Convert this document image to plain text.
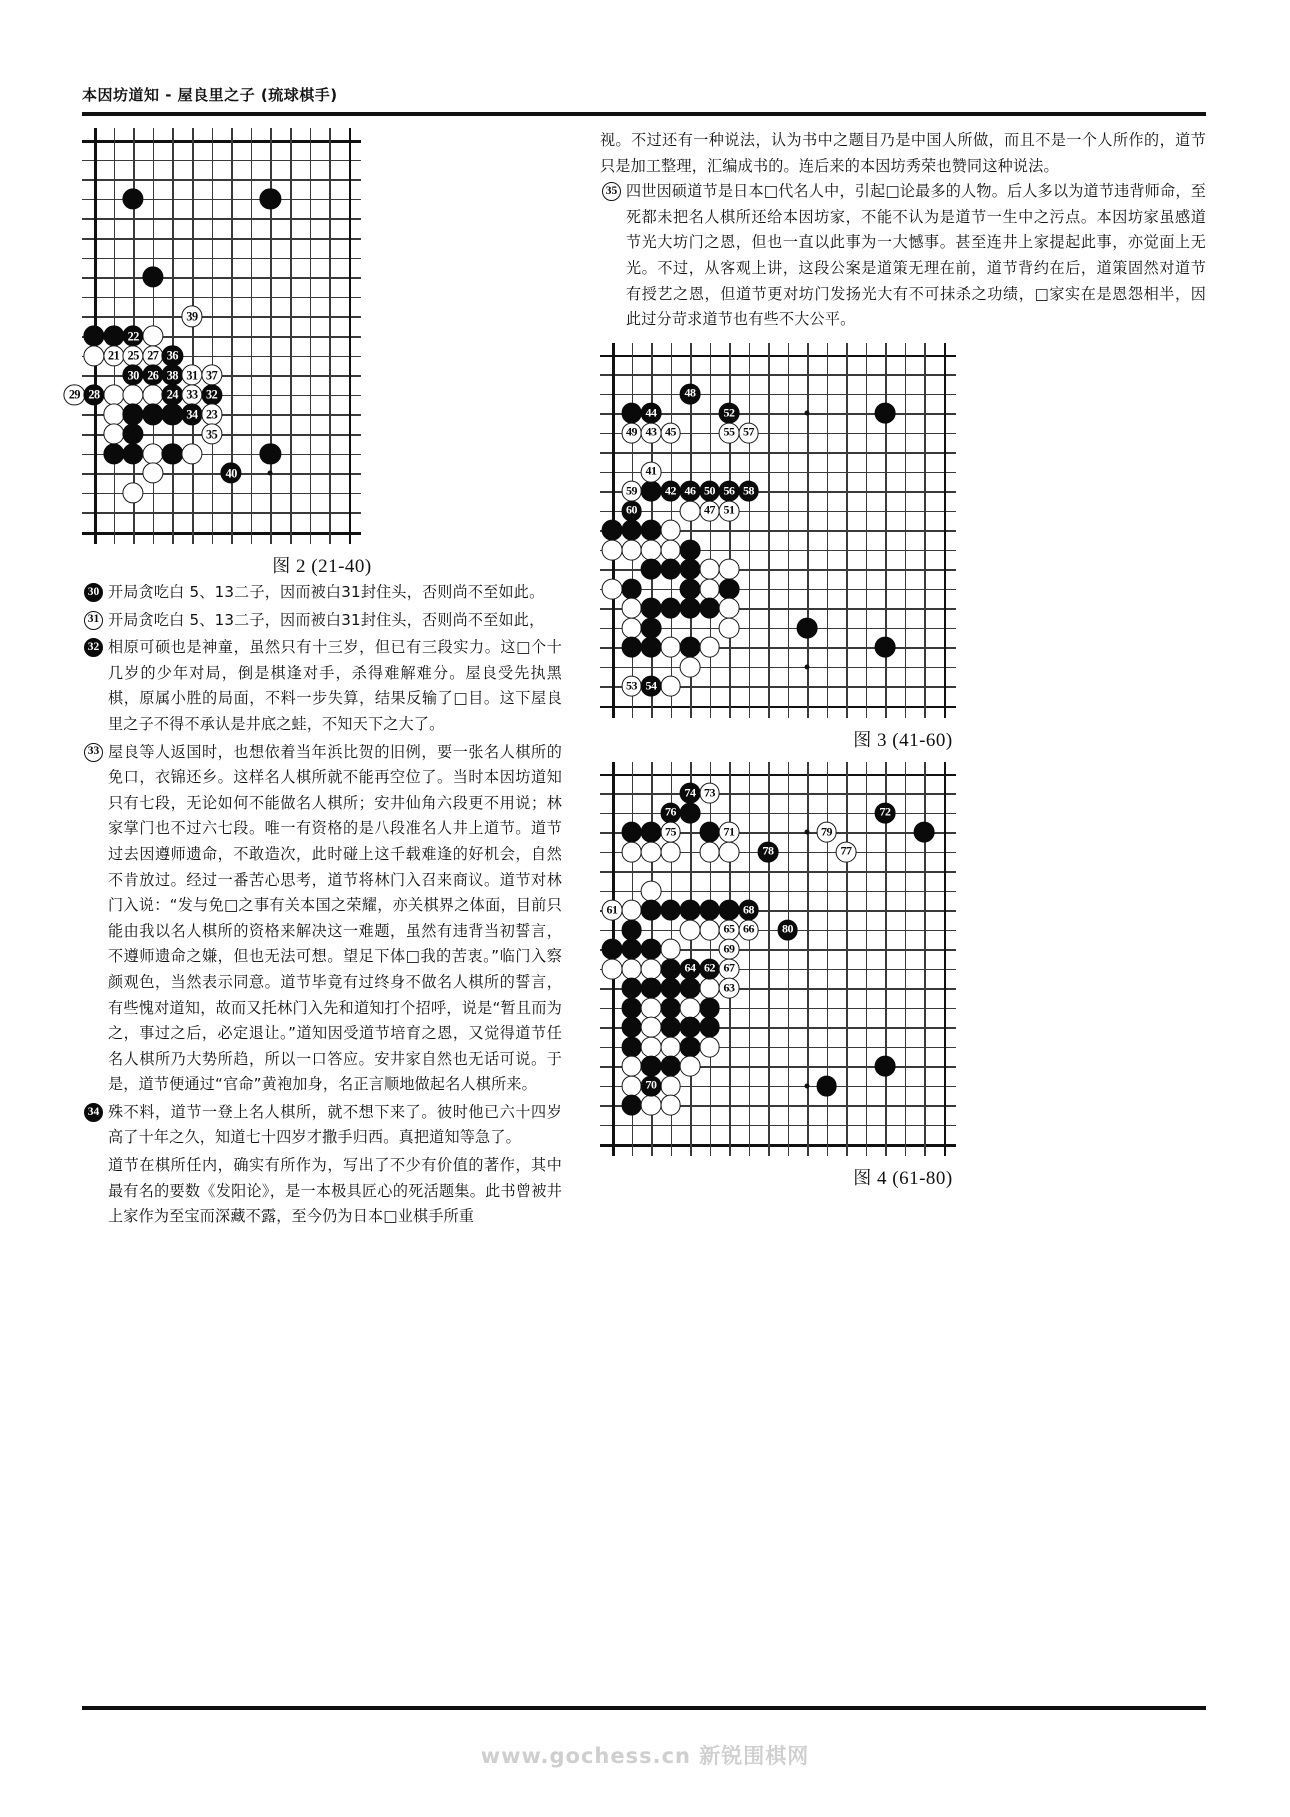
本因坊道知 - 屋良里之子 (琉球棋手)
39
22
21 25 27 36
30 26 38 31 37
29 28	24 33 32
34 23
35
40
图 2 (21-40)
30 开局贪吃白 5、13二子，因而被白31封住头，否则尚不至如此。
31 开局贪吃白 5、13二子，因而被白31封住头，否则尚不至如此，
32 相原可硕也是神童，虽然只有十三岁，但已有三段实力。这□个十几岁的少年对局，倒是棋逢对手，杀得难解难分。屋良受先执黑棋，原属小胜的局面，不料一步失算，结果反输了□目。这下屋良里之子不得不承认是井底之蛙，不知天下之大了。
33 屋良等人返国时，也想依着当年浜比贺的旧例，要一张名人棋所的免口，衣锦还乡。这样名人棋所就不能再空位了。当时本因坊道知只有七段，无论如何不能做名人棋所；安井仙角六段更不用说；林家掌门也不过六七段。唯一有资格的是八段准名人井上道节。道节过去因遵师遗命，不敢造次，此时碰上这千载难逢的好机会，自然不肯放过。经过一番苦心思考，道节将林门入召来商议。道节对林门入说：“发与免□之事有关本国之荣耀，亦关棋界之体面，目前只能由我以名人棋所的资格来解决这一难题，虽然有违背当初誓言，不遵师遗命之嫌，但也无法可想。望足下体□我的苦衷。”临门入察颜观色，当然表示同意。道节毕竟有过终身不做名人棋所的誓言，有些愧对道知，故而又托林门入先和道知打个招呼，说是“暂且而为之，事过之后，必定退让。”道知因受道节培育之恩，又觉得道节任名人棋所乃大势所趋，所以一口答应。安井家自然也无话可说。于是，道节便通过“官命”黄袍加身，名正言顺地做起名人棋所来。
34 殊不料，道节一登上名人棋所，就不想下来了。彼时他已六十四岁高了十年之久，知道七十四岁才撒手归西。真把道知等急了。
道节在棋所任内，确实有所作为，写出了不少有价值的著作，其中最有名的要数《发阳论》，是一本极具匠心的死活题集。此书曾被井上家作为至宝而深藏不露，至今仍为日本□业棋手所重
视。不过还有一种说法，认为书中之题目乃是中国人所做，而且不是一个人所作的，道节只是加工整理，汇编成书的。连后来的本因坊秀荣也赞同这种说法。
35 四世因硕道节是日本□代名人中，引起□论最多的人物。后人多以为道节违背师命，至死都未把名人棋所还给本因坊家，不能不认为是道节一生中之污点。本因坊家虽感道节光大坊门之恩，但也一直以此事为一大憾事。甚至连井上家提起此事，亦觉面上无光。不过，从客观上讲，这段公案是道策无理在前，道节背约在后，道策固然对道节有授艺之恩，但道节更对坊门发扬光大有不可抹杀之功绩，□家实在是恩怨相半，因此过分苛求道节也有些不大公平。
48
44	52
49 43 45	55 57
41
59	42 46 50 56 58
60	47 51
53 54
图 3 (41-60)
74 73
76	72
75	71	79
78	77
61	68
65 66	80
69
64 62 67
63
70
图 4 (61-80)
www.gochess.cn 新锐围棋网
